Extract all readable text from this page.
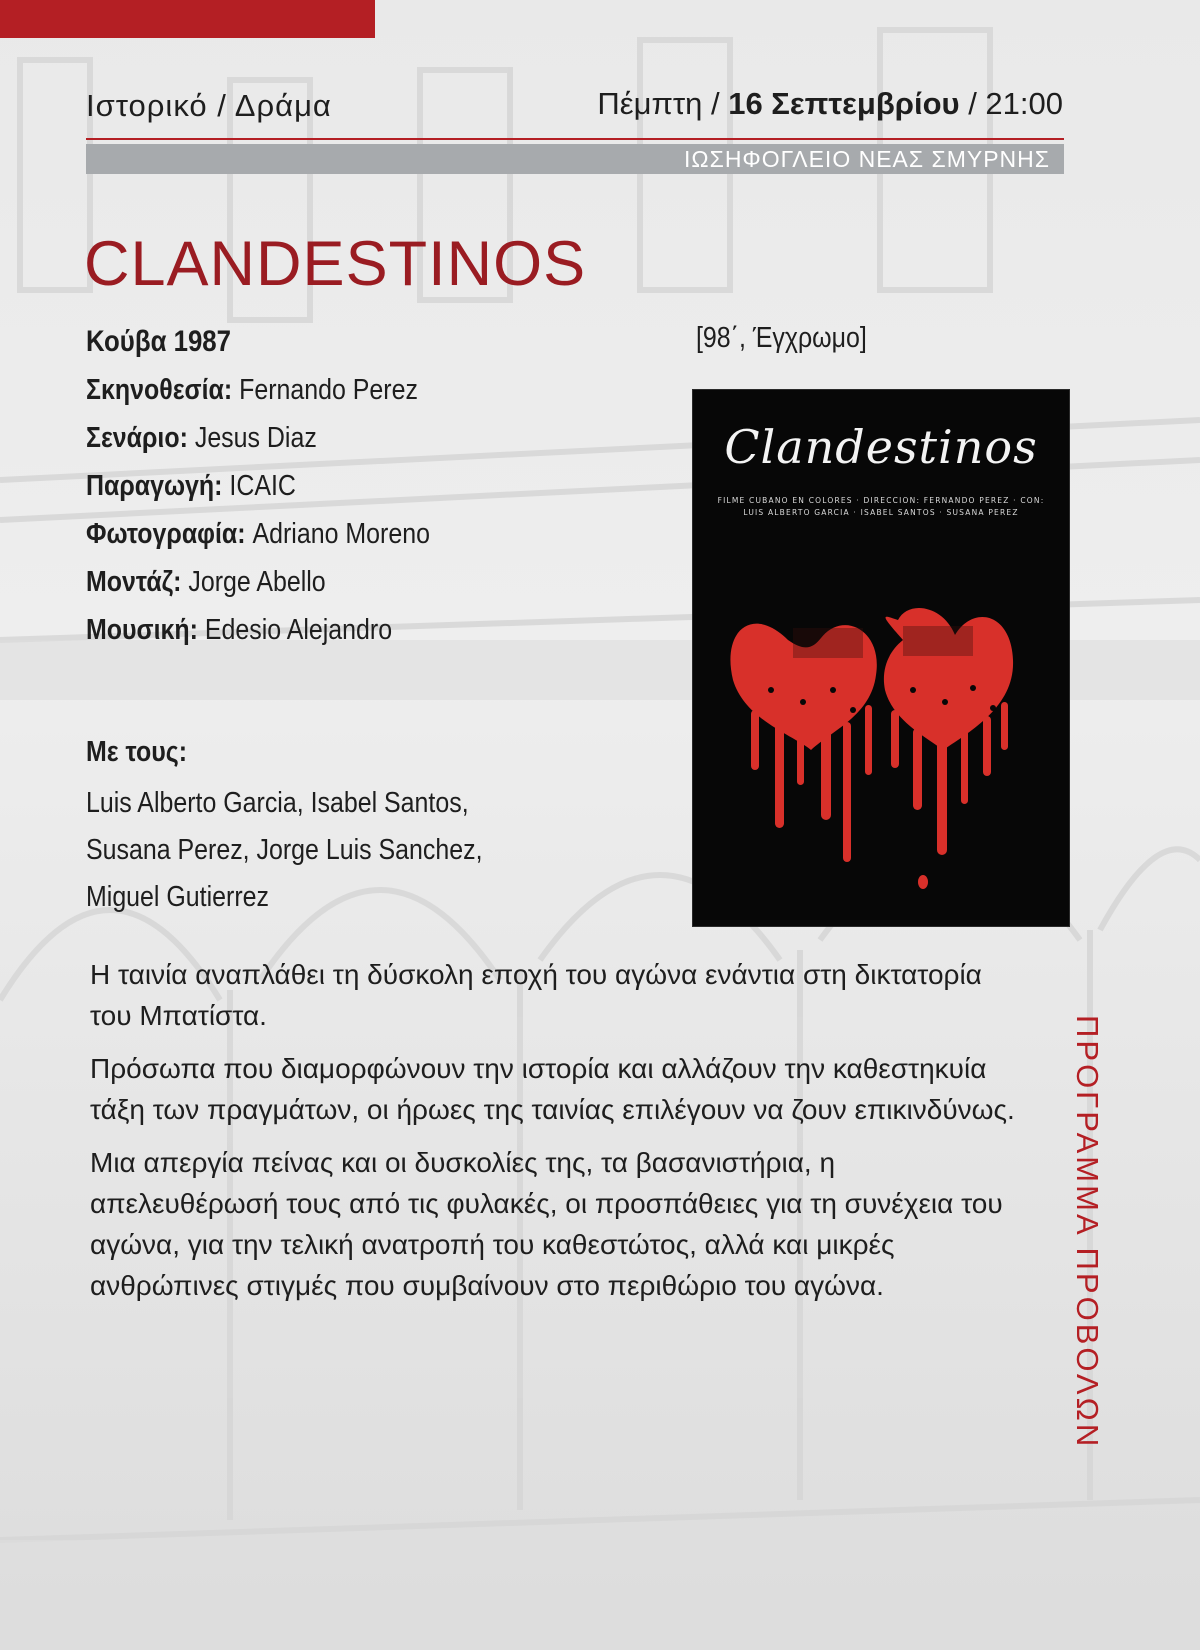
Ιστορικό / Δράμα	Πέμπτη / 16 Σεπτεμβρίου / 21:00
ΙΩΣΗΦΟΓΛΕΙΟ ΝΕΑΣ ΣΜΥΡΝΗΣ
CLANDESTINOS
Κούβα 1987
Σκηνοθεσία: Fernando Perez
Σενάριο: Jesus Diaz
Παραγωγή: ICAIC
Φωτογραφία: Adriano Moreno
Μοντάζ: Jorge Abello
Μουσική: Edesio Alejandro
[98΄, Έγχρωμο]
Με τους:
Luis Alberto Garcia, Isabel Santos,
Susana Perez, Jorge Luis Sanchez,
Miguel Gutierrez
Clandestinos
FILME CUBANO EN COLORES · DIRECCION: FERNANDO PEREZ · CON:
LUIS ALBERTO GARCIA · ISABEL SANTOS · SUSANA PEREZ

Η ταινία αναπλάθει τη δύσκολη εποχή του αγώνα ενάντια στη δικτατορία του Μπατίστα.

Πρόσωπα που διαμορφώνουν την ιστορία και αλλάζουν την καθεστηκυία τάξη των πραγμάτων, οι ήρωες της ταινίας επιλέγουν να ζουν επικινδύνως.

Μια απεργία πείνας και οι δυσκολίες της, τα βασανιστήρια, η απελευθέρωσή τους από τις φυλακές, οι προσπάθειες για τη συνέχεια του αγώνα, για την τελική ανατροπή του καθεστώτος, αλλά και μικρές ανθρώπινες στιγμές που συμβαίνουν στο περιθώριο του αγώνα.	ΠΡΟΓΡΑΜΜΑ ΠΡΟΒΟΛΩΝ
